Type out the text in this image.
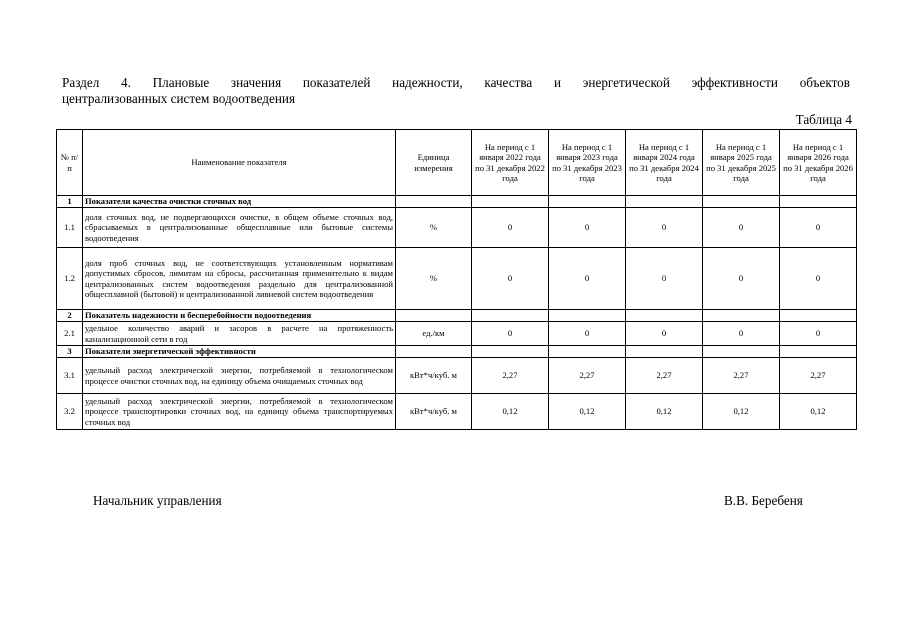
Раздел 4. Плановые значения показателей надежности, качества и энергетической эффективности объектов
централизованных систем водоотведения
Таблица 4
№ п/п	Наименование показателя	Единица измерения	На период с 1 января 2022 года по 31 декабря 2022 года	На период с 1 января 2023 года по 31 декабря 2023 года	На период с 1 января 2024 года по 31 декабря 2024 года	На период с 1 января 2025 года по 31 декабря 2025 года	На период с 1 января 2026 года по 31 декабря 2026 года
1	Показатели качества очистки сточных вод						
1.1	доля сточных вод, не подвергающихся очистке, в общем объеме сточных вод, сбрасываемых в централизованные общесплавные или бытовые системы водоотведения	%	0	0	0	0	0
1.2	доля проб сточных вод, не соответствующих установленным нормативам допустимых сбросов, лимитам на сбросы, рассчитанная применительно к видам централизованных систем водоотведения раздельно для централизованной общесплавной (бытовой) и централизованной ливневой систем водоотведения	%	0	0	0	0	0
2	Показатель надежности и бесперебойности водоотведения						
2.1	удельное количество аварий и засоров в расчете на протяженность канализационной сети в год	ед./км	0	0	0	0	0
3	Показатели энергетической эффективности						
3.1	удельный расход электрической энергии, потребляемой в технологическом процессе очистки сточных вод, на единицу объема очищаемых сточных вод	кВт*ч/куб. м	2,27	2,27	2,27	2,27	2,27
3.2	удельный расход электрической энергии, потребляемой в технологическом процессе транспортировки сточных вод, на единицу объема транспортируемых сточных вод	кВт*ч/куб. м	0,12	0,12	0,12	0,12	0,12
Начальник управления	В.В. Беребеня
